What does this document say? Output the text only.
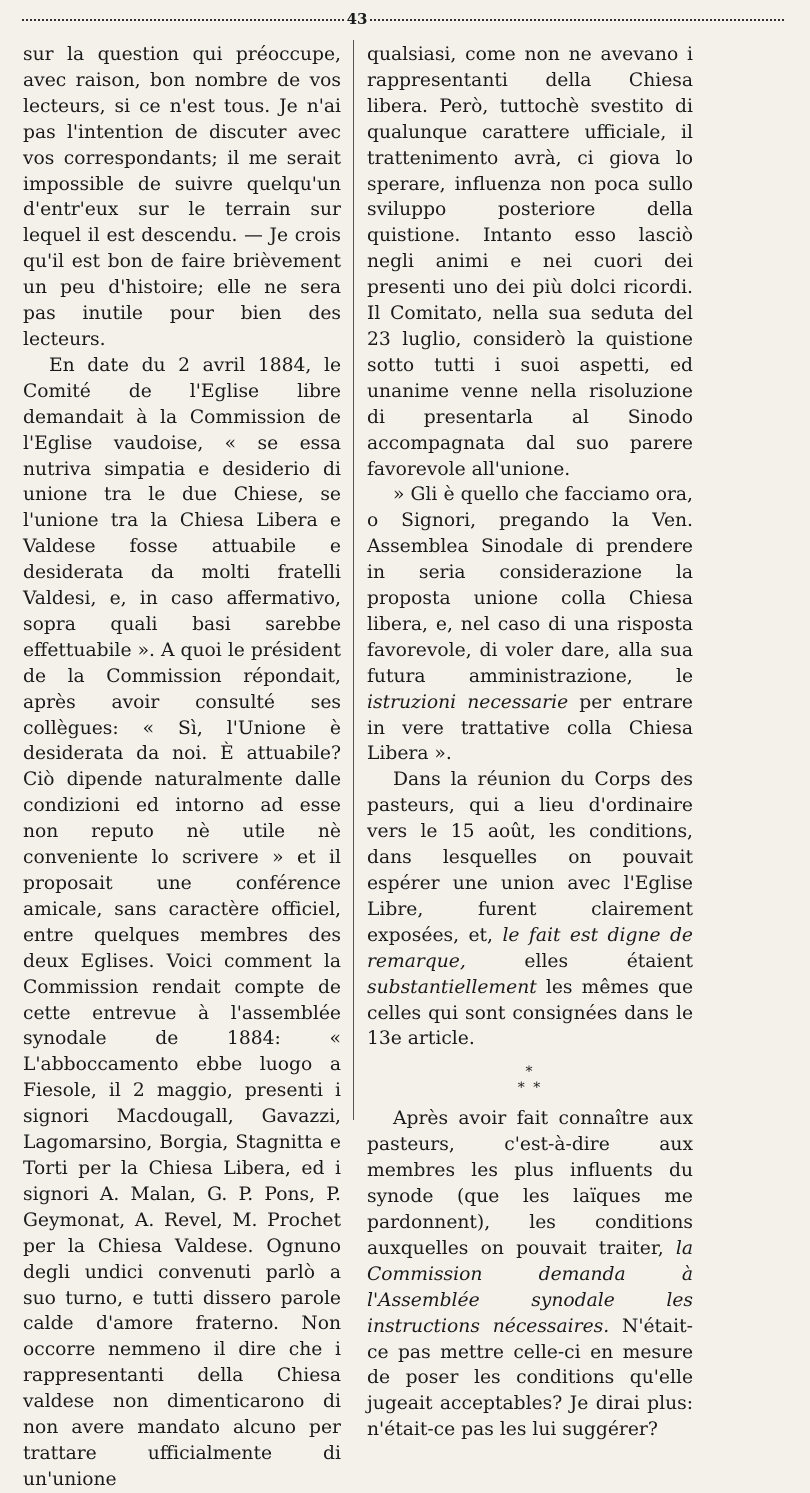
43

sur la question qui préoccupe, avec raison, bon nombre de vos lecteurs, si ce n'est tous. Je n'ai pas l'intention de discuter avec vos correspondants; il me serait impossible de suivre quelqu'un d'entr'eux sur le terrain sur lequel il est descendu. — Je crois qu'il est bon de faire brièvement un peu d'histoire; elle ne sera pas inutile pour bien des lecteurs.

En date du 2 avril 1884, le Comité de l'Eglise libre demandait à la Commission de l'Eglise vaudoise, « se essa nutriva simpatia e desiderio di unione tra le due Chiese, se l'unione tra la Chiesa Libera e Valdese fosse attuabile e desiderata da molti fratelli Valdesi, e, in caso affermativo, sopra quali basi sarebbe effettuabile ». A quoi le président de la Commission répondait, après avoir consulté ses collègues: « Sì, l'Unione è desiderata da noi. È attuabile? Ciò dipende naturalmente dalle condizioni ed intorno ad esse non reputo nè utile nè conveniente lo scrivere » et il proposait une conférence amicale, sans caractère officiel, entre quelques membres des deux Eglises. Voici comment la Commission rendait compte de cette entrevue à l'assemblée synodale de 1884: « L'abboccamento ebbe luogo a Fiesole, il 2 maggio, presenti i signori Macdougall, Gavazzi, Lagomarsino, Borgia, Stagnitta e Torti per la Chiesa Libera, ed i signori A. Malan, G. P. Pons, P. Geymonat, A. Revel, M. Prochet per la Chiesa Valdese. Ognuno degli undici convenuti parlò a suo turno, e tutti dissero parole calde d'amore fraterno. Non occorre nemmeno il dire che i rappresentanti della Chiesa valdese non dimenticarono di non avere mandato alcuno per trattare ufficialmente di un'unione

qualsiasi, come non ne avevano i rappresentanti della Chiesa libera. Però, tuttochè svestito di qualunque carattere ufficiale, il trattenimento avrà, ci giova lo sperare, influenza non poca sullo sviluppo posteriore della quistione. Intanto esso lasciò negli animi e nei cuori dei presenti uno dei più dolci ricordi. Il Comitato, nella sua seduta del 23 luglio, considerò la quistione sotto tutti i suoi aspetti, ed unanime venne nella risoluzione di presentarla al Sinodo accompagnata dal suo parere favorevole all'unione.

» Gli è quello che facciamo ora, o Signori, pregando la Ven. Assemblea Sinodale di prendere in seria considerazione la proposta unione colla Chiesa libera, e, nel caso di una risposta favorevole, di voler dare, alla sua futura amministrazione, le istruzioni necessarie per entrare in vere trattative colla Chiesa Libera ».

Dans la réunion du Corps des pasteurs, qui a lieu d'ordinaire vers le 15 août, les conditions, dans lesquelles on pouvait espérer une union avec l'Eglise Libre, furent clairement exposées, et, le fait est digne de remarque, elles étaient substantiellement les mêmes que celles qui sont consignées dans le 13e article.

*
* *

Après avoir fait connaître aux pasteurs, c'est-à-dire aux membres les plus influents du synode (que les laïques me pardonnent), les conditions auxquelles on pouvait traiter, la Commission demanda à l'Assemblée synodale les instructions nécessaires. N'était-ce pas mettre celle-ci en mesure de poser les conditions qu'elle jugeait acceptables? Je dirai plus: n'était-ce pas les lui suggérer?
